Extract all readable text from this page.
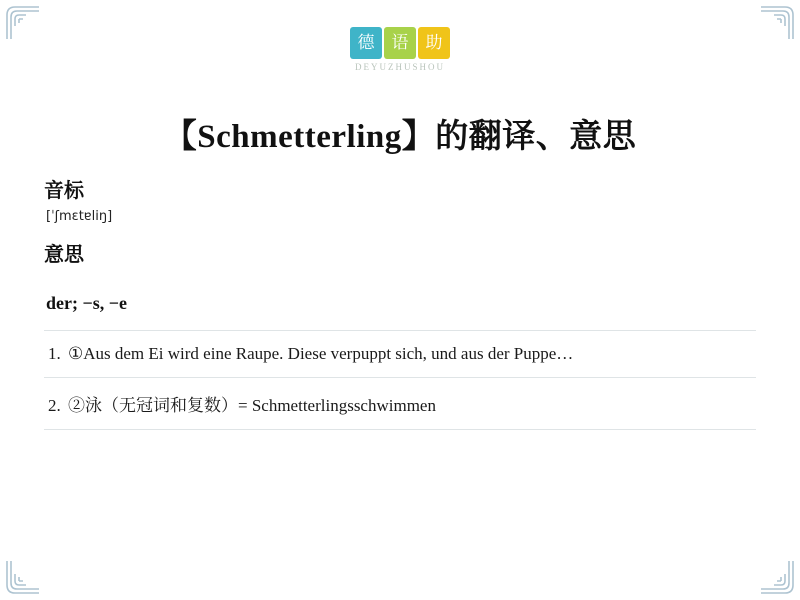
德 语 助
DEYUZHUSHOU
【Schmetterling】的翻译、意思
音标
[ˈʃmɛtɐliŋ]
意思
der; −s, −e
1. ①Aus dem Ei wird eine Raupe. Diese verpuppt sich, und aus der Puppe…
2. ②泳（无冠词和复数）= Schmetterlingsschwimmen
